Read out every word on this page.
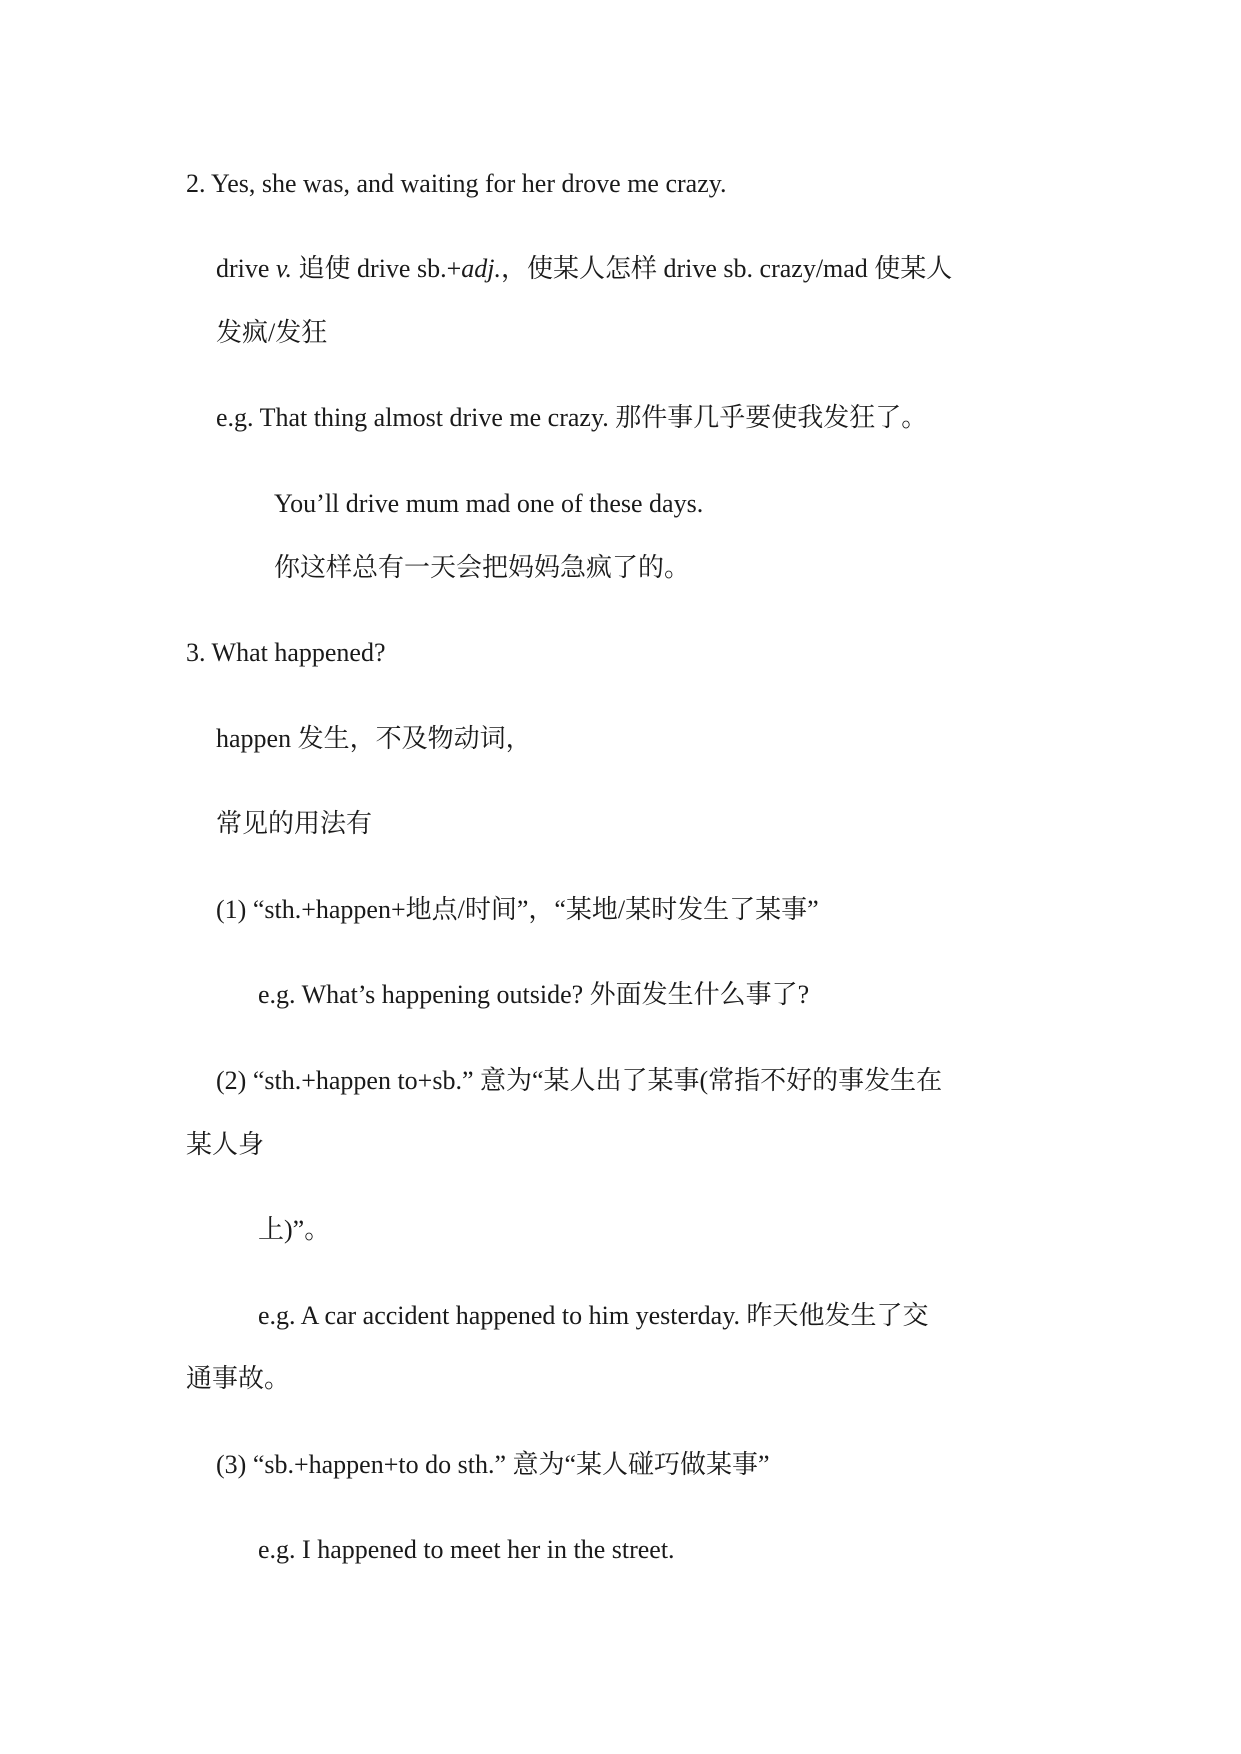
2. Yes, she was, and waiting for her drove me crazy.
drive v. 追使 drive sb.+adj.，使某人怎样 drive sb. crazy/mad 使某人
发疯/发狂
e.g. That thing almost drive me crazy. 那件事几乎要使我发狂了。
You’ll drive mum mad one of these days.
你这样总有一天会把妈妈急疯了的。
3. What happened?
happen 发生，不及物动词，
常见的用法有
(1) “sth.+happen+地点/时间”，“某地/某时发生了某事”
e.g. What’s happening outside? 外面发生什么事了?
(2) “sth.+happen to+sb.” 意为“某人出了某事(常指不好的事发生在
某人身
上)”。
e.g. A car accident happened to him yesterday. 昨天他发生了交
通事故。
(3) “sb.+happen+to do sth.” 意为“某人碰巧做某事”
e.g. I happened to meet her in the street.
